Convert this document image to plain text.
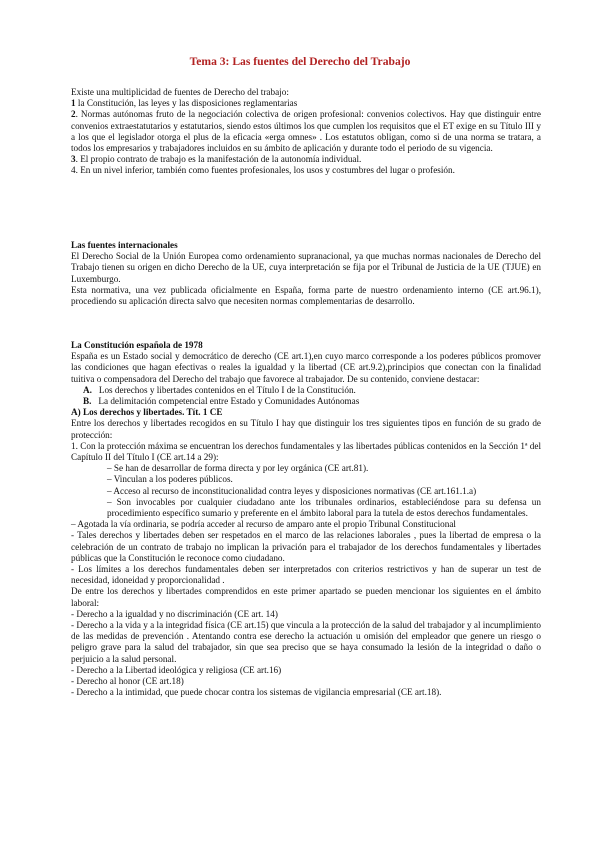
Tema 3: Las fuentes del Derecho del Trabajo

Existe una multiplicidad de fuentes de Derecho del trabajo:

1 la Constitución, las leyes y las disposiciones reglamentarias

2. Normas autónomas fruto de la negociación colectiva de origen profesional: convenios colectivos. Hay que distinguir entre convenios extraestatutarios y estatutarios, siendo estos últimos los que cumplen los requisitos que el ET exige en su Título III y a los que el legislador otorga el plus de la eficacia «erga omnes» . Los estatutos obligan, como si de una norma se tratara, a todos los empresarios y trabajadores incluidos en su ámbito de aplicación y durante todo el periodo de su vigencia.

3. El propio contrato de trabajo es la manifestación de la autonomía individual.

4. En un nivel inferior, también como fuentes profesionales, los usos y costumbres del lugar o profesión.

Las fuentes internacionales

El Derecho Social de la Unión Europea como ordenamiento supranacional, ya que muchas normas nacionales de Derecho del Trabajo tienen su origen en dicho Derecho de la UE, cuya interpretación se fija por el Tribunal de Justicia de la UE (TJUE) en Luxemburgo.

Esta normativa, una vez publicada oficialmente en España, forma parte de nuestro ordenamiento interno (CE art.96.1), procediendo su aplicación directa salvo que necesiten normas complementarias de desarrollo.

La Constitución española de 1978

España es un Estado social y democrático de derecho (CE art.1),en cuyo marco corresponde a los poderes públicos promover las condiciones que hagan efectivas o reales la igualdad y la libertad (CE art.9.2),principios que conectan con la finalidad tuitiva o compensadora del Derecho del trabajo que favorece al trabajador. De su contenido, conviene destacar:

A. Los derechos y libertades contenidos en el Título I de la Constitución.

B. La delimitación competencial entre Estado y Comunidades Autónomas

A) Los derechos y libertades. Tít. 1 CE

Entre los derechos y libertades recogidos en su Título I hay que distinguir los tres siguientes tipos en función de su grado de protección:

1. Con la protección máxima se encuentran los derechos fundamentales y las libertades públicas contenidos en la Sección 1ª del Capítulo II del Título I (CE art.14 a 29):

– Se han de desarrollar de forma directa y por ley orgánica (CE art.81).

– Vinculan a los poderes públicos.

– Acceso al recurso de inconstitucionalidad contra leyes y disposiciones normativas (CE art.161.1.a)

– Son invocables por cualquier ciudadano ante los tribunales ordinarios, estableciéndose para su defensa un procedimiento específico sumario y preferente en el ámbito laboral para la tutela de estos derechos fundamentales.

– Agotada la vía ordinaria, se podría acceder al recurso de amparo ante el propio Tribunal Constitucional

- Tales derechos y libertades deben ser respetados en el marco de las relaciones laborales , pues la libertad de empresa o la celebración de un contrato de trabajo no implican la privación para el trabajador de los derechos fundamentales y libertades públicas que la Constitución le reconoce como ciudadano.

- Los límites a los derechos fundamentales deben ser interpretados con criterios restrictivos y han de superar un test de necesidad, idoneidad y proporcionalidad .

De entre los derechos y libertades comprendidos en este primer apartado se pueden mencionar los siguientes en el ámbito laboral:

- Derecho a la igualdad y no discriminación (CE art. 14)

- Derecho a la vida y a la integridad física (CE art.15) que vincula a la protección de la salud del trabajador y al incumplimiento de las medidas de prevención . Atentando contra ese derecho la actuación u omisión del empleador que genere un riesgo o peligro grave para la salud del trabajador, sin que sea preciso que se haya consumado la lesión de la integridad o daño o perjuicio a la salud personal.

- Derecho a la Libertad ideológica y religiosa (CE art.16)

- Derecho al honor (CE art.18)

- Derecho a la intimidad, que puede chocar contra los sistemas de vigilancia empresarial (CE art.18).
